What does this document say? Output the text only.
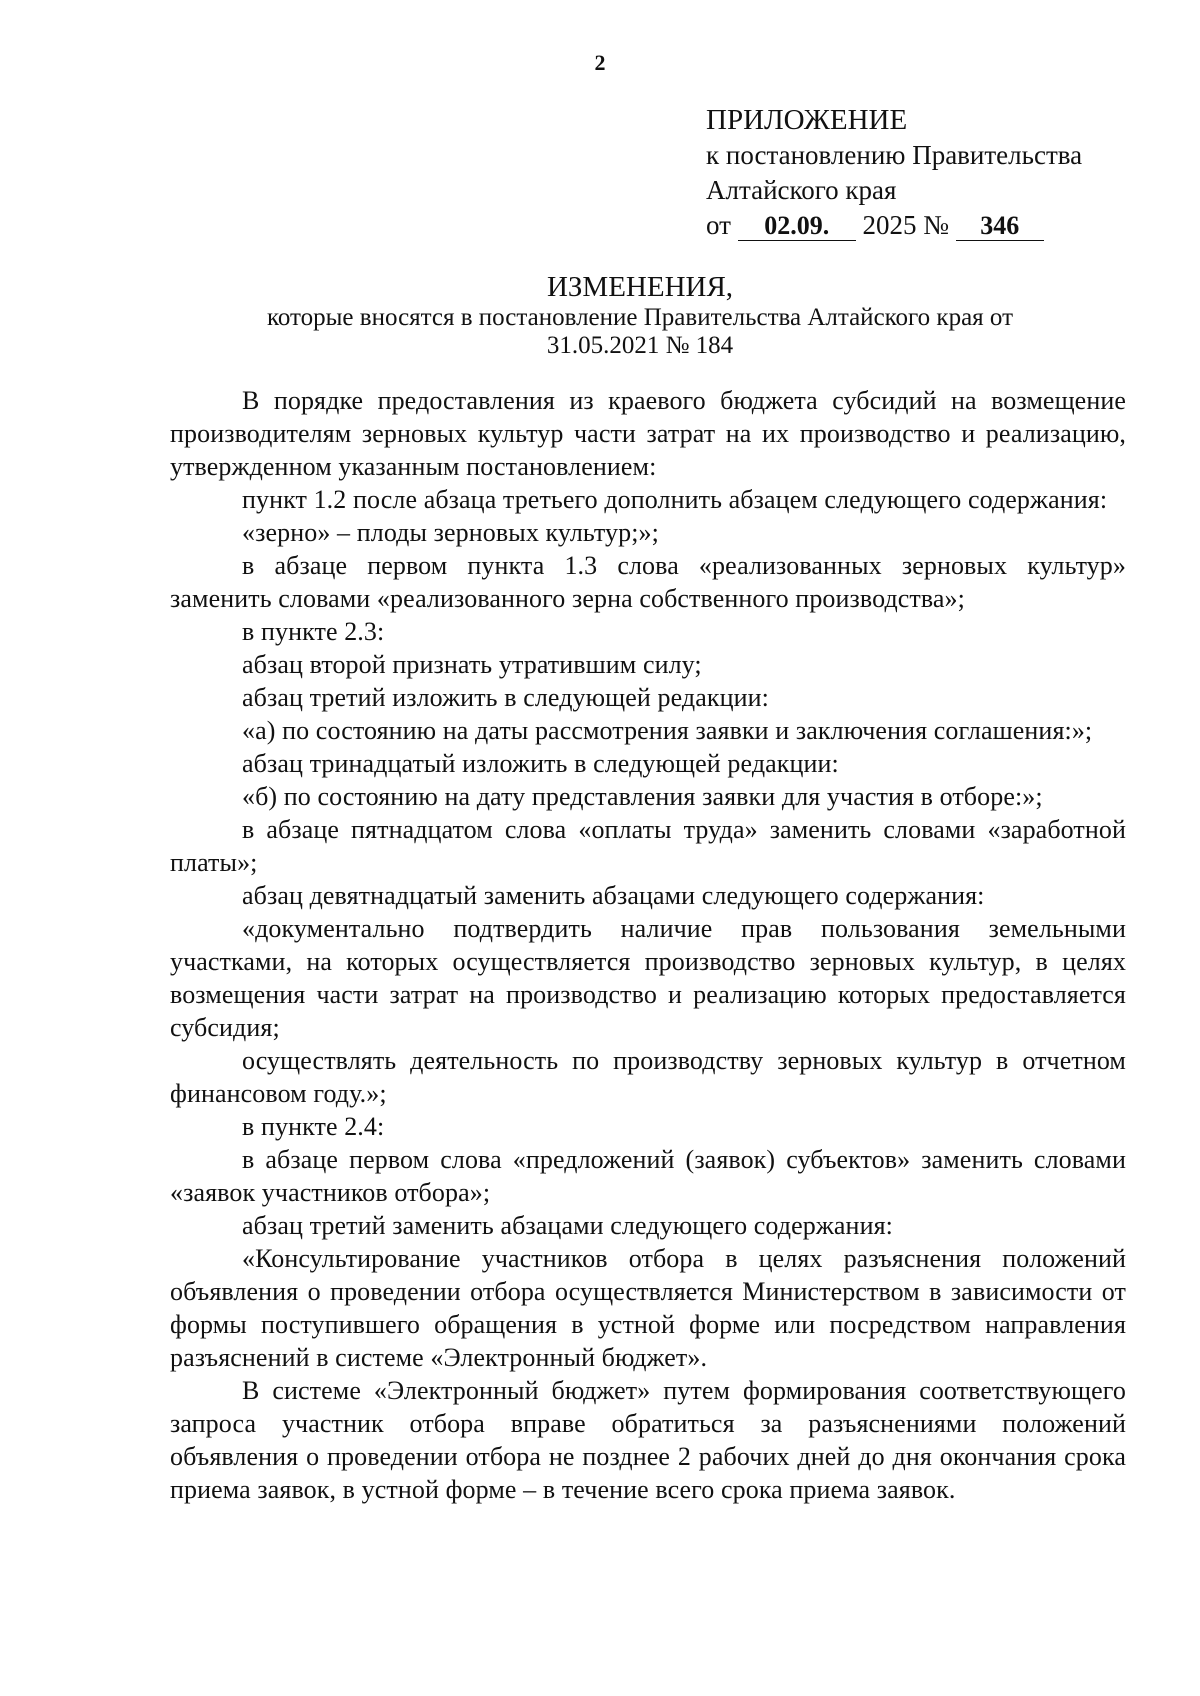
2
ПРИЛОЖЕНИЕ
к постановлению Правительства
Алтайского края
от 02.09. 2025 № 346
ИЗМЕНЕНИЯ,
которые вносятся в постановление Правительства Алтайского края от
31.05.2021 № 184

В порядке предоставления из краевого бюджета субсидий на возмещение производителям зерновых культур части затрат на их производство и реализацию, утвержденном указанным постановлением:

пункт 1.2 после абзаца третьего дополнить абзацем следующего содержания:

«зерно» – плоды зерновых культур;»;

в абзаце первом пункта 1.3 слова «реализованных зерновых культур» заменить словами «реализованного зерна собственного производства»;

в пункте 2.3:

абзац второй признать утратившим силу;

абзац третий изложить в следующей редакции:

«а) по состоянию на даты рассмотрения заявки и заключения соглашения:»;

абзац тринадцатый изложить в следующей редакции:

«б) по состоянию на дату представления заявки для участия в отборе:»;

в абзаце пятнадцатом слова «оплаты труда» заменить словами «заработной платы»;

абзац девятнадцатый заменить абзацами следующего содержания:

«документально подтвердить наличие прав пользования земельными участками, на которых осуществляется производство зерновых культур, в целях возмещения части затрат на производство и реализацию которых предоставляется субсидия;

осуществлять деятельность по производству зерновых культур в отчетном финансовом году.»;

в пункте 2.4:

в абзаце первом слова «предложений (заявок) субъектов» заменить словами «заявок участников отбора»;

абзац третий заменить абзацами следующего содержания:

«Консультирование участников отбора в целях разъяснения положений объявления о проведении отбора осуществляется Министерством в зависимости от формы поступившего обращения в устной форме или посредством направления разъяснений в системе «Электронный бюджет».

В системе «Электронный бюджет» путем формирования соответствующего запроса участник отбора вправе обратиться за разъяснениями положений объявления о проведении отбора не позднее 2 рабочих дней до дня окончания срока приема заявок, в устной форме – в течение всего срока приема заявок.
